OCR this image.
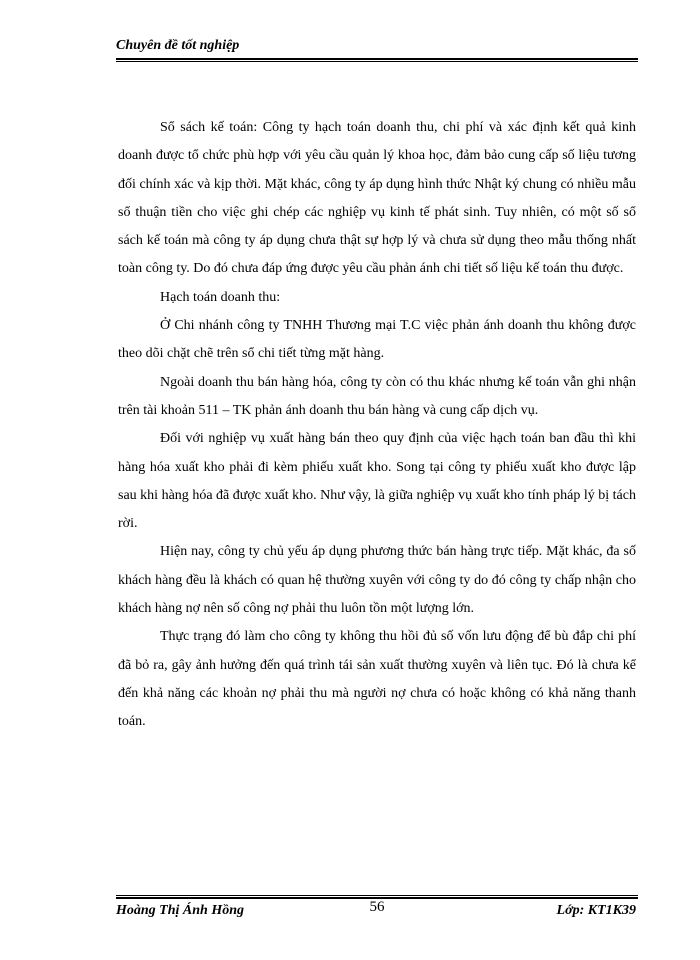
Chuyên đề tốt nghiệp

Sổ sách kế toán: Công ty hạch toán doanh thu, chi phí và xác định kết quả kinh doanh được tổ chức phù hợp với yêu cầu quản lý khoa học, đảm bảo cung cấp số liệu tương đối chính xác và kịp thời. Mặt khác, công ty áp dụng hình thức Nhật ký chung có nhiều mẫu sổ thuận tiền cho việc ghi chép các nghiệp vụ kinh tế phát sinh. Tuy nhiên, có một số sổ sách kế toán mà công ty áp dụng chưa thật sự hợp lý và chưa sử dụng theo mẫu thống nhất toàn công ty. Do đó chưa đáp ứng được yêu cầu phản ánh chi tiết số liệu kế toán thu được.

Hạch toán doanh thu:

Ở Chi nhánh công ty TNHH Thương mại T.C việc phản ánh doanh thu không được theo dõi chặt chẽ trên sổ chi tiết từng mặt hàng.

Ngoài doanh thu bán hàng hóa, công ty còn có thu khác nhưng kế toán vẫn ghi nhận trên tài khoản 511 – TK phản ánh doanh thu bán hàng và cung cấp dịch vụ.

Đối với nghiệp vụ xuất hàng bán theo quy định của việc hạch toán ban đầu thì khi hàng hóa xuất kho phải đi kèm phiếu xuất kho. Song tại công ty phiếu xuất kho được lập sau khi hàng hóa đã được xuất kho. Như vậy, là giữa nghiệp vụ xuất kho tính pháp lý bị tách rời.

Hiện nay, công ty chủ yếu áp dụng phương thức bán hàng trực tiếp. Mặt khác, đa số khách hàng đều là khách có quan hệ thường xuyên với công ty do đó công ty chấp nhận cho khách hàng nợ nên số công nợ phải thu luôn tồn một lượng lớn.

Thực trạng đó làm cho công ty không thu hồi đủ số vốn lưu động để bù đắp chi phí đã bỏ ra, gây ảnh hưởng đến quá trình tái sản xuất thường xuyên và liên tục. Đó là chưa kể đến khả năng các khoản nợ phải thu mà người nợ chưa có hoặc không có khả năng thanh toán.

Hoàng Thị Ánh Hồng	56	Lớp: KT1K39
